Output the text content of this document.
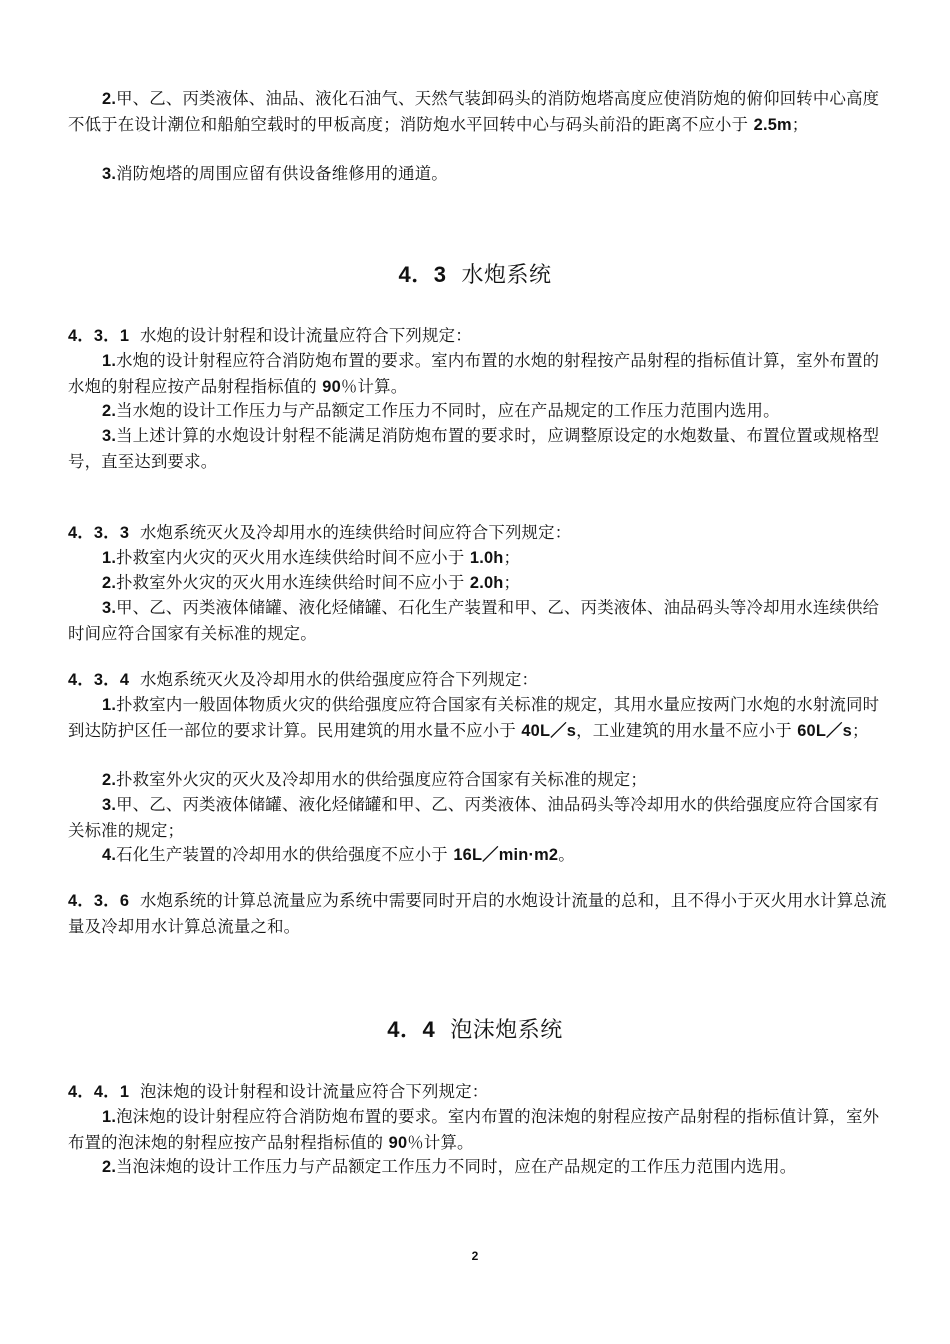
2.甲、乙、丙类液体、油品、液化石油气、天然气装卸码头的消防炮塔高度应使消防炮的俯仰回转中心高度不低于在设计潮位和船舶空载时的甲板高度；消防炮水平回转中心与码头前沿的距离不应小于 2.5m；

3.消防炮塔的周围应留有供设备维修用的通道。

4．3 水炮系统

4．3．1 水炮的设计射程和设计流量应符合下列规定：

1.水炮的设计射程应符合消防炮布置的要求。室内布置的水炮的射程按产品射程的指标值计算，室外布置的水炮的射程应按产品射程指标值的 90％计算。

2.当水炮的设计工作压力与产品额定工作压力不同时，应在产品规定的工作压力范围内选用。

3.当上述计算的水炮设计射程不能满足消防炮布置的要求时，应调整原设定的水炮数量、布置位置或规格型号，直至达到要求。

4．3．3 水炮系统灭火及冷却用水的连续供给时间应符合下列规定：

1.扑救室内火灾的灭火用水连续供给时间不应小于 1.0h；

2.扑救室外火灾的灭火用水连续供给时间不应小于 2.0h；

3.甲、乙、丙类液体储罐、液化烃储罐、石化生产装置和甲、乙、丙类液体、油品码头等冷却用水连续供给时间应符合国家有关标准的规定。

4．3．4 水炮系统灭火及冷却用水的供给强度应符合下列规定：

1.扑救室内一般固体物质火灾的供给强度应符合国家有关标准的规定，其用水量应按两门水炮的水射流同时到达防护区任一部位的要求计算。民用建筑的用水量不应小于 40L／s，工业建筑的用水量不应小于 60L／s；

2.扑救室外火灾的灭火及冷却用水的供给强度应符合国家有关标准的规定；

3.甲、乙、丙类液体储罐、液化烃储罐和甲、乙、丙类液体、油品码头等冷却用水的供给强度应符合国家有关标准的规定；

4.石化生产装置的冷却用水的供给强度不应小于 16L／min·m2。

4．3．6 水炮系统的计算总流量应为系统中需要同时开启的水炮设计流量的总和，且不得小于灭火用水计算总流量及冷却用水计算总流量之和。

4．4 泡沫炮系统

4．4．1 泡沫炮的设计射程和设计流量应符合下列规定：

1.泡沫炮的设计射程应符合消防炮布置的要求。室内布置的泡沫炮的射程应按产品射程的指标值计算，室外布置的泡沫炮的射程应按产品射程指标值的 90％计算。

2.当泡沫炮的设计工作压力与产品额定工作压力不同时，应在产品规定的工作压力范围内选用。

2
